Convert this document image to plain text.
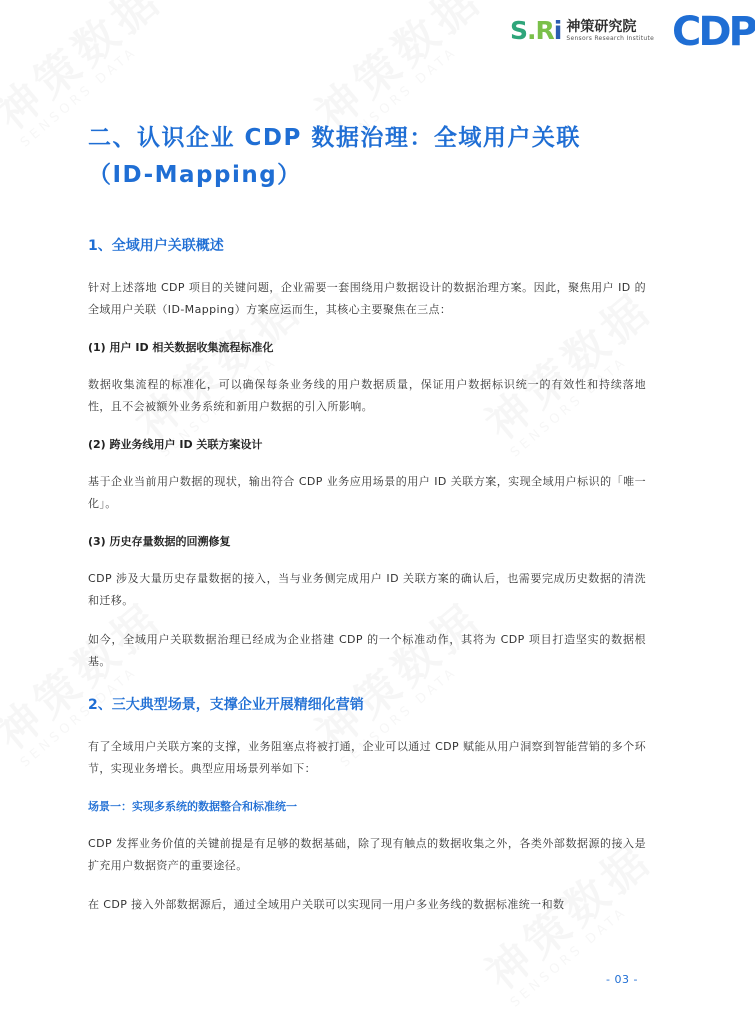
S.Ri 神策研究院
Sensors Research Institute CDP
二、认识企业 CDP 数据治理：全域用户关联（ID-Mapping）
1、全域用户关联概述

针对上述落地 CDP 项目的关键问题，企业需要一套围绕用户数据设计的数据治理方案。因此，聚焦用户 ID 的全域用户关联（ID-Mapping）方案应运而生，其核心主要聚焦在三点：

(1) 用户 ID 相关数据收集流程标准化

数据收集流程的标准化，可以确保每条业务线的用户数据质量，保证用户数据标识统一的有效性和持续落地性，且不会被额外业务系统和新用户数据的引入所影响。

(2) 跨业务线用户 ID 关联方案设计

基于企业当前用户数据的现状，输出符合 CDP 业务应用场景的用户 ID 关联方案，实现全域用户标识的「唯一化」。

(3) 历史存量数据的回溯修复

CDP 涉及大量历史存量数据的接入，当与业务侧完成用户 ID 关联方案的确认后，也需要完成历史数据的清洗和迁移。

如今，全域用户关联数据治理已经成为企业搭建 CDP 的一个标准动作，其将为 CDP 项目打造坚实的数据根基。

2、三大典型场景，支撑企业开展精细化营销

有了全域用户关联方案的支撑，业务阻塞点将被打通，企业可以通过 CDP 赋能从用户洞察到智能营销的多个环节，实现业务增长。典型应用场景列举如下：

场景一：实现多系统的数据整合和标准统一

CDP 发挥业务价值的关键前提是有足够的数据基础，除了现有触点的数据收集之外，各类外部数据源的接入是扩充用户数据资产的重要途径。

在 CDP 接入外部数据源后，通过全域用户关联可以实现同一用户多业务线的数据标准统一和数

- 03 -
